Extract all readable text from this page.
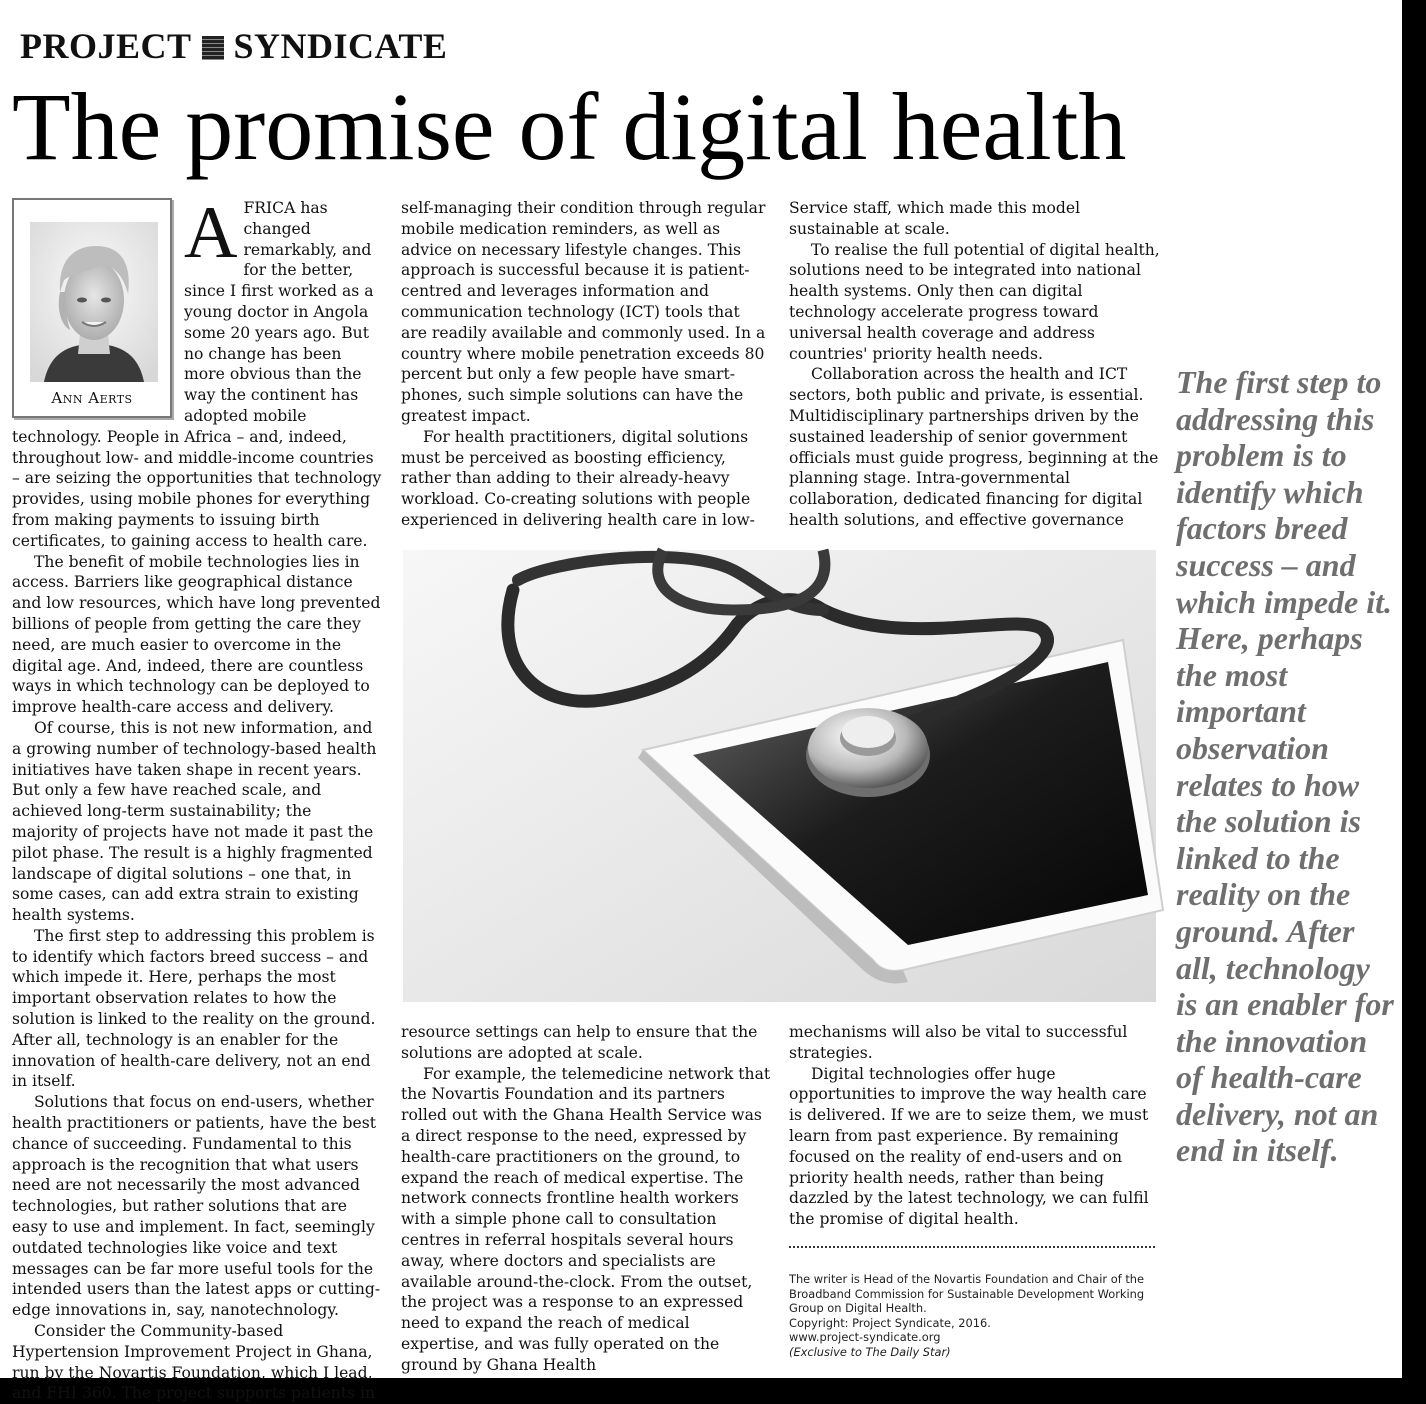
PROJECT SYNDICATE
The promise of digital health
Ann Aerts
A FRICA has changed remarkably, and for the better, since I first worked as a young doctor in Angola some 20 years ago. But no change has been more obvious than the way the continent has adopted mobile technology. People in Africa – and, indeed, throughout low- and middle-income countries – are seizing the opportunities that technology provides, using mobile phones for everything from making payments to issuing birth certificates, to gaining access to health care.

The benefit of mobile technologies lies in access. Barriers like geographical distance and low resources, which have long prevented billions of people from getting the care they need, are much easier to overcome in the digital age. And, indeed, there are countless ways in which technology can be deployed to improve health-care access and delivery.

Of course, this is not new information, and a growing number of technology-based health initiatives have taken shape in recent years. But only a few have reached scale, and achieved long-term sustainability; the majority of projects have not made it past the pilot phase. The result is a highly fragmented landscape of digital solutions – one that, in some cases, can add extra strain to existing health systems.

The first step to addressing this problem is to identify which factors breed success – and which impede it. Here, perhaps the most important observation relates to how the solution is linked to the reality on the ground. After all, technology is an enabler for the innovation of health-care delivery, not an end in itself.

Solutions that focus on end-users, whether health practitioners or patients, have the best chance of succeeding. Fundamental to this approach is the recognition that what users need are not necessarily the most advanced technologies, but rather solutions that are easy to use and implement. In fact, seemingly outdated technologies like voice and text messages can be far more useful tools for the intended users than the latest apps or cutting-edge innovations in, say, nanotechnology.

Consider the Community-based Hypertension Improvement Project in Ghana, run by the Novartis Foundation, which I lead, and FHI 360. The project supports patients in

self-managing their condition through regular mobile medication reminders, as well as advice on necessary lifestyle changes. This approach is successful because it is patient-centred and leverages information and communication technology (ICT) tools that are readily available and commonly used. In a country where mobile penetration exceeds 80 percent but only a few people have smart-phones, such simple solutions can have the greatest impact.

For health practitioners, digital solutions must be perceived as boosting efficiency, rather than adding to their already-heavy workload. Co-creating solutions with people experienced in delivering health care in low-

Service staff, which made this model sustainable at scale.

To realise the full potential of digital health, solutions need to be integrated into national health systems. Only then can digital technology accelerate progress toward universal health coverage and address countries' priority health needs.

Collaboration across the health and ICT sectors, both public and private, is essential. Multidisciplinary partnerships driven by the sustained leadership of senior government officials must guide progress, beginning at the planning stage. Intra-governmental collaboration, dedicated financing for digital health solutions, and effective governance

resource settings can help to ensure that the solutions are adopted at scale.

For example, the telemedicine network that the Novartis Foundation and its partners rolled out with the Ghana Health Service was a direct response to the need, expressed by health-care practitioners on the ground, to expand the reach of medical expertise. The network connects frontline health workers with a simple phone call to consultation centres in referral hospitals several hours away, where doctors and specialists are available around-the-clock. From the outset, the project was a response to an expressed need to expand the reach of medical expertise, and was fully operated on the ground by Ghana Health

mechanisms will also be vital to successful strategies.

Digital technologies offer huge opportunities to improve the way health care is delivered. If we are to seize them, we must learn from past experience. By remaining focused on the reality of end-users and on priority health needs, rather than being dazzled by the latest technology, we can fulfil the promise of digital health.

The writer is Head of the Novartis Foundation and Chair of the Broadband Commission for Sustainable Development Working Group on Digital Health.

Copyright: Project Syndicate, 2016.

www.project-syndicate.org

(Exclusive to The Daily Star)

The first step to addressing this problem is to identify which factors breed success – and which impede it. Here, perhaps the most important observation relates to how the solution is linked to the reality on the ground. After all, technology is an enabler for the innovation of health-care delivery, not an end in itself.
